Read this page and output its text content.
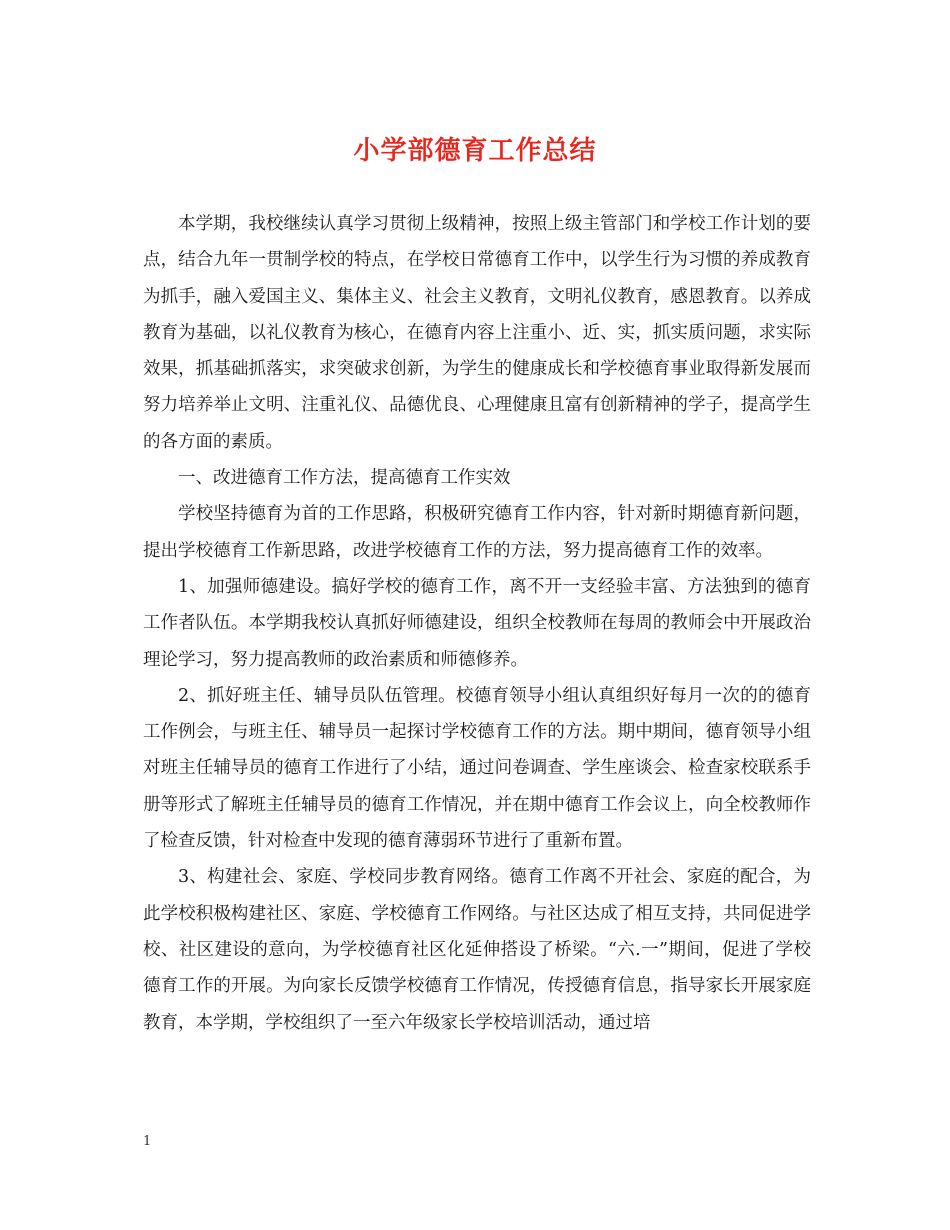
小学部德育工作总结

本学期，我校继续认真学习贯彻上级精神，按照上级主管部门和学校工作计划的要点，结合九年一贯制学校的特点，在学校日常德育工作中，以学生行为习惯的养成教育为抓手，融入爱国主义、集体主义、社会主义教育，文明礼仪教育，感恩教育。以养成教育为基础，以礼仪教育为核心，在德育内容上注重小、近、实，抓实质问题，求实际效果，抓基础抓落实，求突破求创新，为学生的健康成长和学校德育事业取得新发展而努力培养举止文明、注重礼仪、品德优良、心理健康且富有创新精神的学子，提高学生的各方面的素质。

一、改进德育工作方法，提高德育工作实效

学校坚持德育为首的工作思路，积极研究德育工作内容，针对新时期德育新问题，提出学校德育工作新思路，改进学校德育工作的方法，努力提高德育工作的效率。

1、加强师德建设。搞好学校的德育工作，离不开一支经验丰富、方法独到的德育工作者队伍。本学期我校认真抓好师德建设，组织全校教师在每周的教师会中开展政治理论学习，努力提高教师的政治素质和师德修养。

2、抓好班主任、辅导员队伍管理。校德育领导小组认真组织好每月一次的的德育工作例会，与班主任、辅导员一起探讨学校德育工作的方法。期中期间，德育领导小组对班主任辅导员的德育工作进行了小结，通过问卷调查、学生座谈会、检查家校联系手册等形式了解班主任辅导员的德育工作情况，并在期中德育工作会议上，向全校教师作了检查反馈，针对检查中发现的德育薄弱环节进行了重新布置。

3、构建社会、家庭、学校同步教育网络。德育工作离不开社会、家庭的配合，为此学校积极构建社区、家庭、学校德育工作网络。与社区达成了相互支持，共同促进学校、社区建设的意向，为学校德育社区化延伸搭设了桥梁。“六.一”期间，促进了学校德育工作的开展。为向家长反馈学校德育工作情况，传授德育信息，指导家长开展家庭教育，本学期，学校组织了一至六年级家长学校培训活动，通过培

1
